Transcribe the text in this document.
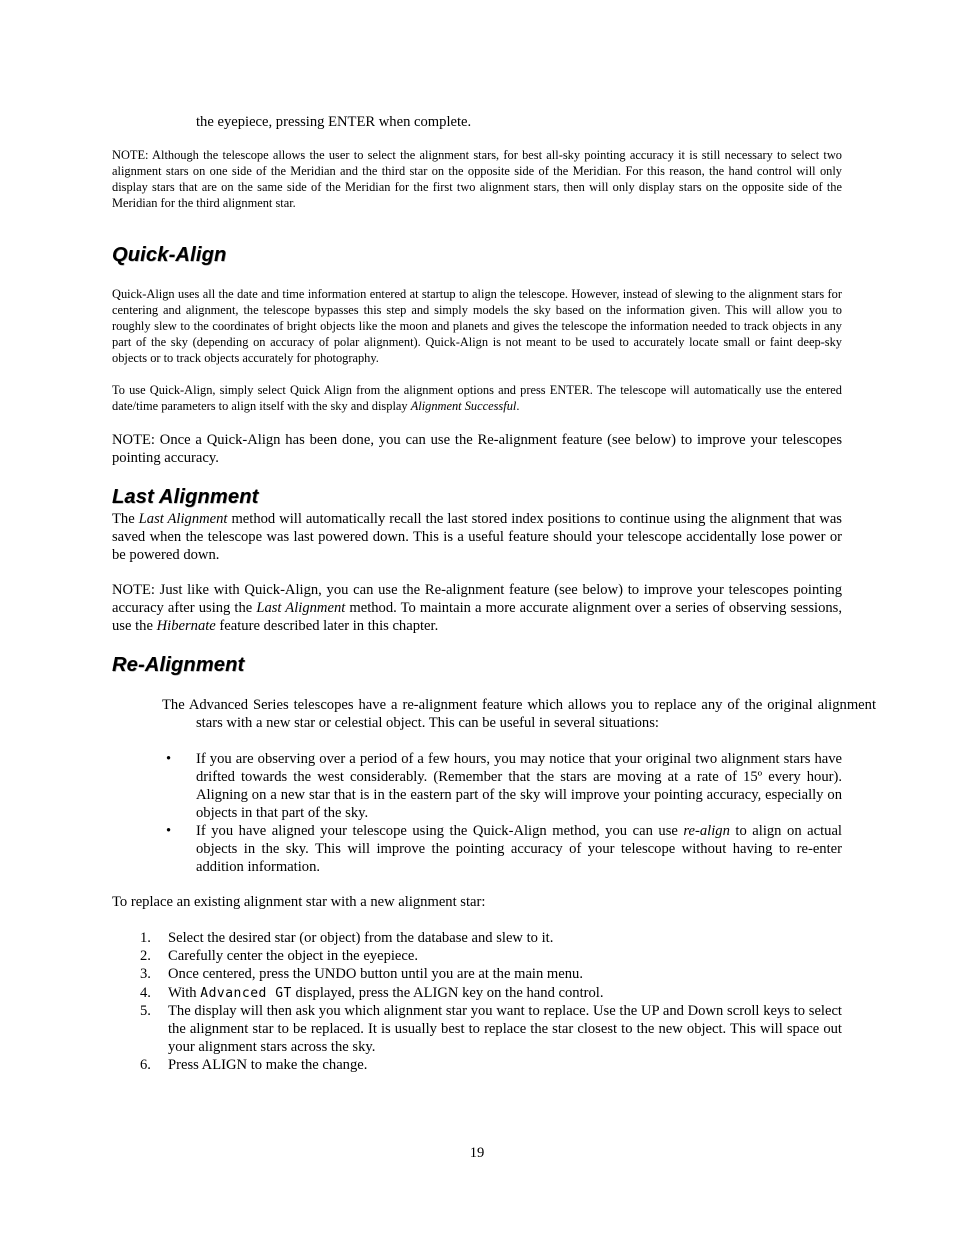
the eyepiece, pressing ENTER when complete.

NOTE: Although the telescope allows the user to select the alignment stars, for best all-sky pointing accuracy it is still necessary to select two alignment stars on one side of the Meridian and the third star on the opposite side of the Meridian. For this reason, the hand control will only display stars that are on the same side of the Meridian for the first two alignment stars, then will only display stars on the opposite side of the Meridian for the third alignment star.

Quick-Align

Quick-Align uses all the date and time information entered at startup to align the telescope. However, instead of slewing to the alignment stars for centering and alignment, the telescope bypasses this step and simply models the sky based on the information given. This will allow you to roughly slew to the coordinates of bright objects like the moon and planets and gives the telescope the information needed to track objects in any part of the sky (depending on accuracy of polar alignment). Quick-Align is not meant to be used to accurately locate small or faint deep-sky objects or to track objects accurately for photography.

To use Quick-Align, simply select Quick Align from the alignment options and press ENTER. The telescope will automatically use the entered date/time parameters to align itself with the sky and display Alignment Successful.

NOTE: Once a Quick-Align has been done, you can use the Re-alignment feature (see below) to improve your telescopes pointing accuracy.

Last Alignment

The Last Alignment method will automatically recall the last stored index positions to continue using the alignment that was saved when the telescope was last powered down. This is a useful feature should your telescope accidentally lose power or be powered down.

NOTE: Just like with Quick-Align, you can use the Re-alignment feature (see below) to improve your telescopes pointing accuracy after using the Last Alignment method. To maintain a more accurate alignment over a series of observing sessions, use the Hibernate feature described later in this chapter.

Re-Alignment

The Advanced Series telescopes have a re-alignment feature which allows you to replace any of the original alignment stars with a new star or celestial object. This can be useful in several situations:

• If you are observing over a period of a few hours, you may notice that your original two alignment stars have drifted towards the west considerably. (Remember that the stars are moving at a rate of 15º every hour). Aligning on a new star that is in the eastern part of the sky will improve your pointing accuracy, especially on objects in that part of the sky.
• If you have aligned your telescope using the Quick-Align method, you can use re-align to align on actual objects in the sky. This will improve the pointing accuracy of your telescope without having to re-enter addition information.

To replace an existing alignment star with a new alignment star:

1. Select the desired star (or object) from the database and slew to it.
2. Carefully center the object in the eyepiece.
3. Once centered, press the UNDO button until you are at the main menu.
4. With Advanced GT displayed, press the ALIGN key on the hand control.
5. The display will then ask you which alignment star you want to replace. Use the UP and Down scroll keys to select the alignment star to be replaced. It is usually best to replace the star closest to the new object. This will space out your alignment stars across the sky.
6. Press ALIGN to make the change.
19
